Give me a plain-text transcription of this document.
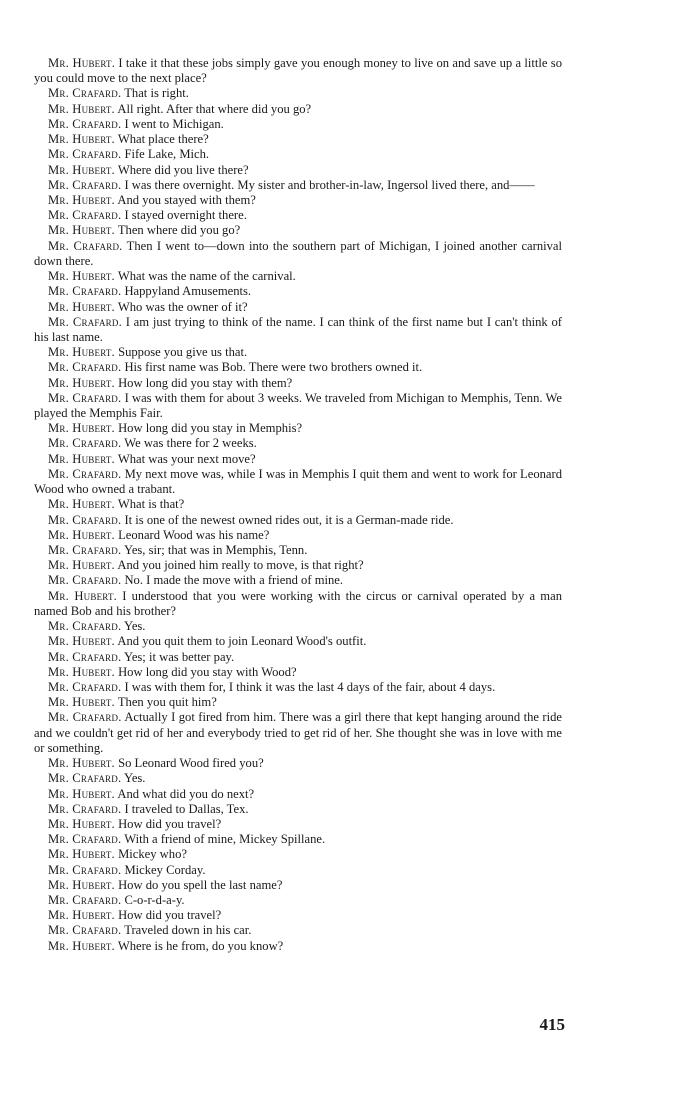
Mr. Hubert. I take it that these jobs simply gave you enough money to live on and save up a little so you could move to the next place?

Mr. Crafard. That is right.

Mr. Hubert. All right. After that where did you go?

Mr. Crafard. I went to Michigan.

Mr. Hubert. What place there?

Mr. Crafard. Fife Lake, Mich.

Mr. Hubert. Where did you live there?

Mr. Crafard. I was there overnight. My sister and brother-in-law, Ingersol lived there, and——

Mr. Hubert. And you stayed with them?

Mr. Crafard. I stayed overnight there.

Mr. Hubert. Then where did you go?

Mr. Crafard. Then I went to—down into the southern part of Michigan, I joined another carnival down there.

Mr. Hubert. What was the name of the carnival.

Mr. Crafard. Happyland Amusements.

Mr. Hubert. Who was the owner of it?

Mr. Crafard. I am just trying to think of the name. I can think of the first name but I can't think of his last name.

Mr. Hubert. Suppose you give us that.

Mr. Crafard. His first name was Bob. There were two brothers owned it.

Mr. Hubert. How long did you stay with them?

Mr. Crafard. I was with them for about 3 weeks. We traveled from Michigan to Memphis, Tenn. We played the Memphis Fair.

Mr. Hubert. How long did you stay in Memphis?

Mr. Crafard. We was there for 2 weeks.

Mr. Hubert. What was your next move?

Mr. Crafard. My next move was, while I was in Memphis I quit them and went to work for Leonard Wood who owned a trabant.

Mr. Hubert. What is that?

Mr. Crafard. It is one of the newest owned rides out, it is a German-made ride.

Mr. Hubert. Leonard Wood was his name?

Mr. Crafard. Yes, sir; that was in Memphis, Tenn.

Mr. Hubert. And you joined him really to move, is that right?

Mr. Crafard. No. I made the move with a friend of mine.

Mr. Hubert. I understood that you were working with the circus or carnival operated by a man named Bob and his brother?

Mr. Crafard. Yes.

Mr. Hubert. And you quit them to join Leonard Wood's outfit.

Mr. Crafard. Yes; it was better pay.

Mr. Hubert. How long did you stay with Wood?

Mr. Crafard. I was with them for, I think it was the last 4 days of the fair, about 4 days.

Mr. Hubert. Then you quit him?

Mr. Crafard. Actually I got fired from him. There was a girl there that kept hanging around the ride and we couldn't get rid of her and everybody tried to get rid of her. She thought she was in love with me or something.

Mr. Hubert. So Leonard Wood fired you?

Mr. Crafard. Yes.

Mr. Hubert. And what did you do next?

Mr. Crafard. I traveled to Dallas, Tex.

Mr. Hubert. How did you travel?

Mr. Crafard. With a friend of mine, Mickey Spillane.

Mr. Hubert. Mickey who?

Mr. Crafard. Mickey Corday.

Mr. Hubert. How do you spell the last name?

Mr. Crafard. C-o-r-d-a-y.

Mr. Hubert. How did you travel?

Mr. Crafard. Traveled down in his car.

Mr. Hubert. Where is he from, do you know?

415
